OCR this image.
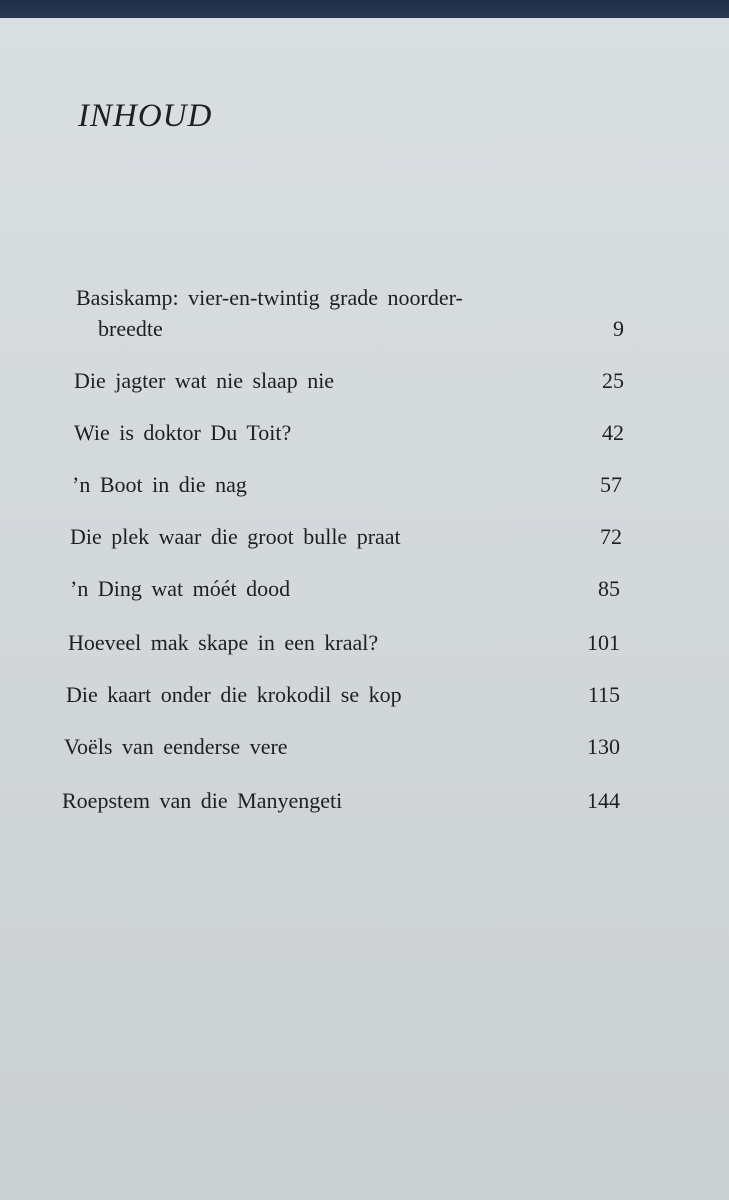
INHOUD
Basiskamp: vier-en-twintig grade noorder-
breedte	9
Die jagter wat nie slaap nie	25
Wie is doktor Du Toit?	42
’n Boot in die nag	57
Die plek waar die groot bulle praat	72
’n Ding wat móét dood	85
Hoeveel mak skape in een kraal?	101
Die kaart onder die krokodil se kop	115
Voëls van eenderse vere	130
Roepstem van die Manyengeti	144
